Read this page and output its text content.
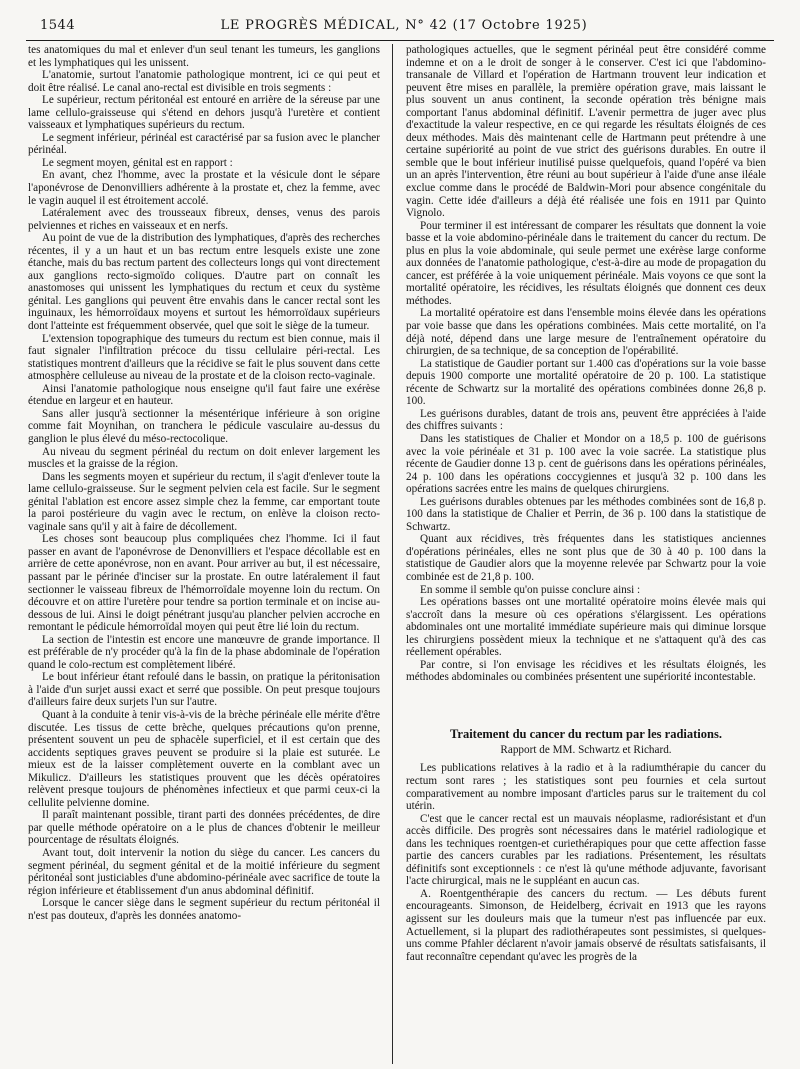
1544	LE PROGRÈS MÉDICAL, N° 42 (17 Octobre 1925)

tes anatomiques du mal et enlever d'un seul tenant les tumeurs, les ganglions et les lymphatiques qui les unissent.

L'anatomie, surtout l'anatomie pathologique montrent, ici ce qui peut et doit être réalisé. Le canal ano-rectal est divisible en trois segments :

Le supérieur, rectum péritonéal est entouré en arrière de la séreuse par une lame cellulo-graisseuse qui s'étend en dehors jusqu'à l'uretère et contient vaisseaux et lymphatiques supérieurs du rectum.

Le segment inférieur, périnéal est caractérisé par sa fusion avec le plancher périnéal.

Le segment moyen, génital est en rapport :

En avant, chez l'homme, avec la prostate et la vésicule dont le sépare l'aponévrose de Denonvilliers adhérente à la prostate et, chez la femme, avec le vagin auquel il est étroitement accolé.

Latéralement avec des trousseaux fibreux, denses, venus des parois pelviennes et riches en vaisseaux et en nerfs.

Au point de vue de la distribution des lymphatiques, d'après des recherches récentes, il y a un haut et un bas rectum entre lesquels existe une zone étanche, mais du bas rectum partent des collecteurs longs qui vont directement aux ganglions recto-sigmoïdo coliques. D'autre part on connaît les anastomoses qui unissent les lymphatiques du rectum et ceux du système génital. Les ganglions qui peuvent être envahis dans le cancer rectal sont les inguinaux, les hémorroïdaux moyens et surtout les hémorroïdaux supérieurs dont l'atteinte est fréquemment observée, quel que soit le siège de la tumeur.

L'extension topographique des tumeurs du rectum est bien connue, mais il faut signaler l'infiltration précoce du tissu cellulaire péri-rectal. Les statistiques montrent d'ailleurs que la récidive se fait le plus souvent dans cette atmosphère celluleuse au niveau de la prostate et de la cloison recto-vaginale.

Ainsi l'anatomie pathologique nous enseigne qu'il faut faire une exérèse étendue en largeur et en hauteur.

Sans aller jusqu'à sectionner la mésentérique inférieure à son origine comme fait Moynihan, on tranchera le pédicule vasculaire au-dessus du ganglion le plus élevé du méso-rectocolique.

Au niveau du segment périnéal du rectum on doit enlever largement les muscles et la graisse de la région.

Dans les segments moyen et supérieur du rectum, il s'agit d'enlever toute la lame cellulo-graisseuse. Sur le segment pelvien cela est facile. Sur le segment génital l'ablation est encore assez simple chez la femme, car emportant toute la paroi postérieure du vagin avec le rectum, on enlève la cloison recto-vaginale sans qu'il y ait à faire de décollement.

Les choses sont beaucoup plus compliquées chez l'homme. Ici il faut passer en avant de l'aponévrose de Denonvilliers et l'espace décollable est en arrière de cette aponévrose, non en avant. Pour arriver au but, il est nécessaire, passant par le périnée d'inciser sur la prostate. En outre latéralement il faut sectionner le vaisseau fibreux de l'hémorroïdale moyenne loin du rectum. On découvre et on attire l'uretère pour tendre sa portion terminale et on incise au-dessous de lui. Ainsi le doigt pénétrant jusqu'au plancher pelvien accroche en remontant le pédicule hémorroïdal moyen qui peut être lié loin du rectum.

La section de l'intestin est encore une manœuvre de grande importance. Il est préférable de n'y procéder qu'à la fin de la phase abdominale de l'opération quand le colo-rectum est complètement libéré.

Le bout inférieur étant refoulé dans le bassin, on pratique la péritonisation à l'aide d'un surjet aussi exact et serré que possible. On peut presque toujours d'ailleurs faire deux surjets l'un sur l'autre.

Quant à la conduite à tenir vis-à-vis de la brèche périnéale elle mérite d'être discutée. Les tissus de cette brèche, quelques précautions qu'on prenne, présentent souvent un peu de sphacèle superficiel, et il est certain que des accidents septiques graves peuvent se produire si la plaie est suturée. Le mieux est de la laisser complètement ouverte en la comblant avec un Mikulicz. D'ailleurs les statistiques prouvent que les décès opératoires relèvent presque toujours de phénomènes infectieux et que parmi ceux-ci la cellulite pelvienne domine.

Il paraît maintenant possible, tirant parti des données précédentes, de dire par quelle méthode opératoire on a le plus de chances d'obtenir le meilleur pourcentage de résultats éloignés.

Avant tout, doit intervenir la notion du siège du cancer. Les cancers du segment périnéal, du segment génital et de la moitié inférieure du segment péritonéal sont justiciables d'une abdomino-périnéale avec sacrifice de toute la région inférieure et établissement d'un anus abdominal définitif.

Lorsque le cancer siège dans le segment supérieur du rectum péritonéal il n'est pas douteux, d'après les données anatomo-

pathologiques actuelles, que le segment périnéal peut être considéré comme indemne et on a le droit de songer à le conserver. C'est ici que l'abdomino-transanale de Villard et l'opération de Hartmann trouvent leur indication et peuvent être mises en parallèle, la première opération grave, mais laissant le plus souvent un anus continent, la seconde opération très bénigne mais comportant l'anus abdominal définitif. L'avenir permettra de juger avec plus d'exactitude la valeur respective, en ce qui regarde les résultats éloignés de ces deux méthodes. Mais dès maintenant celle de Hartmann peut prétendre à une certaine supériorité au point de vue strict des guérisons durables. En outre il semble que le bout inférieur inutilisé puisse quelquefois, quand l'opéré va bien un an après l'intervention, être réuni au bout supérieur à l'aide d'une anse iléale exclue comme dans le procédé de Baldwin-Mori pour absence congénitale du vagin. Cette idée d'ailleurs a déjà été réalisée une fois en 1911 par Quinto Vignolo.

Pour terminer il est intéressant de comparer les résultats que donnent la voie basse et la voie abdomino-périnéale dans le traitement du cancer du rectum. De plus en plus la voie abdominale, qui seule permet une exérèse large conforme aux données de l'anatomie pathologique, c'est-à-dire au mode de propagation du cancer, est préférée à la voie uniquement périnéale. Mais voyons ce que sont la mortalité opératoire, les récidives, les résultats éloignés que donnent ces deux méthodes.

La mortalité opératoire est dans l'ensemble moins élevée dans les opérations par voie basse que dans les opérations combinées. Mais cette mortalité, on l'a déjà noté, dépend dans une large mesure de l'entraînement opératoire du chirurgien, de sa technique, de sa conception de l'opérabilité.

La statistique de Gaudier portant sur 1.400 cas d'opérations sur la voie basse depuis 1900 comporte une mortalité opératoire de 20 p. 100. La statistique récente de Schwartz sur la mortalité des opérations combinées donne 26,8 p. 100.

Les guérisons durables, datant de trois ans, peuvent être appréciées à l'aide des chiffres suivants :

Dans les statistiques de Chalier et Mondor on a 18,5 p. 100 de guérisons avec la voie périnéale et 31 p. 100 avec la voie sacrée. La statistique plus récente de Gaudier donne 13 p. cent de guérisons dans les opérations périnéales, 24 p. 100 dans les opérations coccygiennes et jusqu'à 32 p. 100 dans les opérations sacrées entre les mains de quelques chirurgiens.

Les guérisons durables obtenues par les méthodes combinées sont de 16,8 p. 100 dans la statistique de Chalier et Perrin, de 36 p. 100 dans la statistique de Schwartz.

Quant aux récidives, très fréquentes dans les statistiques anciennes d'opérations périnéales, elles ne sont plus que de 30 à 40 p. 100 dans la statistique de Gaudier alors que la moyenne relevée par Schwartz pour la voie combinée est de 21,8 p. 100.

En somme il semble qu'on puisse conclure ainsi :

Les opérations basses ont une mortalité opératoire moins élevée mais qui s'accroît dans la mesure où ces opérations s'élargissent. Les opérations abdominales ont une mortalité immédiate supérieure mais qui diminue lorsque les chirurgiens possèdent mieux la technique et ne s'attaquent qu'à des cas réellement opérables.

Par contre, si l'on envisage les récidives et les résultats éloignés, les méthodes abdominales ou combinées présentent une supériorité incontestable.

Traitement du cancer du rectum par les radiations.
Rapport de MM. Schwartz et Richard.

Les publications relatives à la radio et à la radiumthérapie du cancer du rectum sont rares ; les statistiques sont peu fournies et cela surtout comparativement au nombre imposant d'articles parus sur le traitement du col utérin.

C'est que le cancer rectal est un mauvais néoplasme, radiorésistant et d'un accès difficile. Des progrès sont nécessaires dans le matériel radiologique et dans les techniques roentgen-et curiethérapiques pour que cette affection fasse partie des cancers curables par les radiations. Présentement, les résultats définitifs sont exceptionnels : ce n'est là qu'une méthode adjuvante, favorisant l'acte chirurgical, mais ne le suppléant en aucun cas.

A. Roentgenthérapie des cancers du rectum. — Les débuts furent encourageants. Simonson, de Heidelberg, écrivait en 1913 que les rayons agissent sur les douleurs mais que la tumeur n'est pas influencée par eux. Actuellement, si la plupart des radiothérapeutes sont pessimistes, si quelques-uns comme Pfahler déclarent n'avoir jamais observé de résultats satisfaisants, il faut reconnaître cependant qu'avec les progrès de la
